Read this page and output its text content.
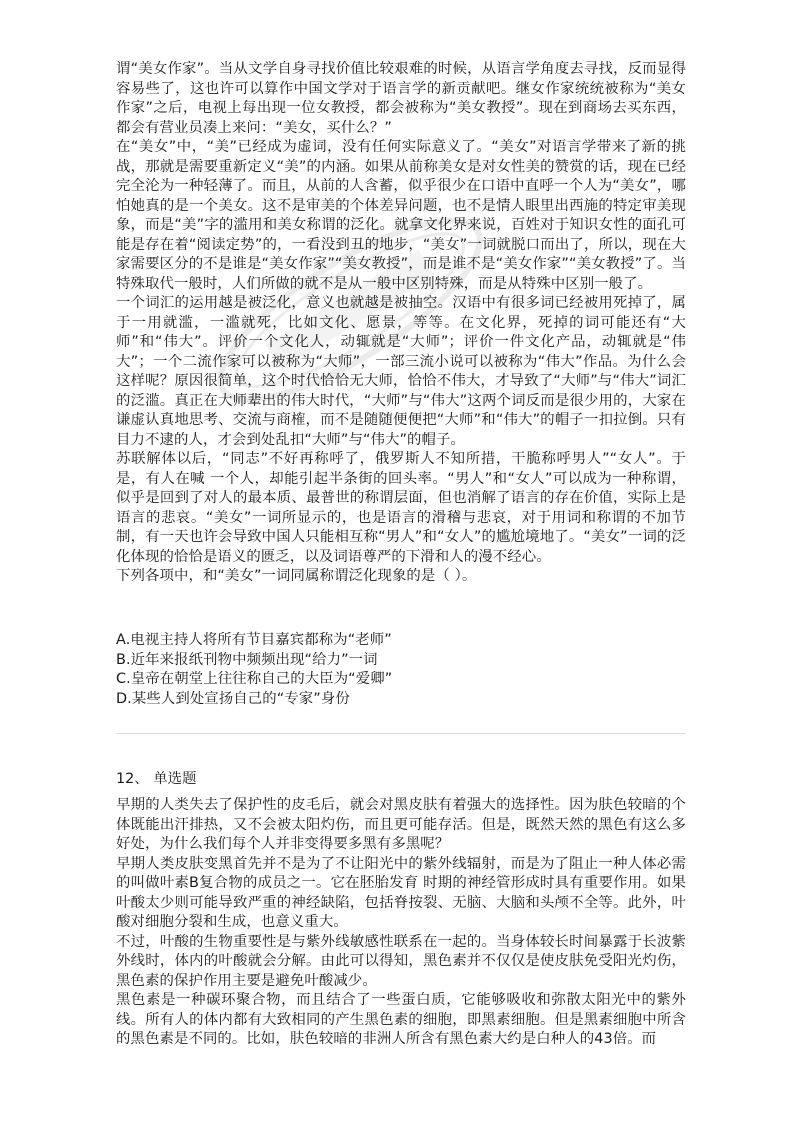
谓“美女作家”。当从文学自身寻找价值比较艰难的时候，从语言学角度去寻找，反而显得容易些了，这也许可以算作中国文学对于语言学的新贡献吧。继女作家统统被称为“美女作家”之后，电视上每出现一位女教授，都会被称为“美女教授”。现在到商场去买东西，都会有营业员凑上来问：“美女，买什么？”

在“美女”中，“美”已经成为虚词，没有任何实际意义了。“美女”对语言学带来了新的挑战，那就是需要重新定义“美”的内涵。如果从前称美女是对女性美的赞赏的话，现在已经完全沦为一种轻薄了。而且，从前的人含蓄，似乎很少在口语中直呼一个人为“美女”，哪怕她真的是一个美女。这不是审美的个体差异问题，也不是情人眼里出西施的特定审美现象，而是“美”字的滥用和美女称谓的泛化。就拿文化界来说，百姓对于知识女性的面孔可能是存在着“阅读定势”的，一看没到丑的地步，“美女”一词就脱口而出了，所以，现在大家需要区分的不是谁是“美女作家”“美女教授”，而是谁不是“美女作家”“美女教授”了。当特殊取代一般时，人们所做的就不是从一般中区别特殊，而是从特殊中区别一般了。

一个词汇的运用越是被泛化，意义也就越是被抽空。汉语中有很多词已经被用死掉了，属于一用就滥，一滥就死，比如文化、愿景，等等。在文化界，死掉的词可能还有“大师”和“伟大”。评价一个文化人，动辄就是“大师”；评价一件文化产品，动辄就是“伟大”；一个二流作家可以被称为“大师”，一部三流小说可以被称为“伟大”作品。为什么会这样呢？原因很简单，这个时代恰恰无大师，恰恰不伟大，才导致了“大师”与“伟大”词汇的泛滥。真正在大师辈出的伟大时代，“大师”与“伟大”这两个词反而是很少用的，大家在谦虚认真地思考、交流与商榷，而不是随随便便把“大师”和“伟大”的帽子一扣拉倒。只有目力不逮的人，才会到处乱扣“大师”与“伟大”的帽子。

苏联解体以后，“同志”不好再称呼了，俄罗斯人不知所措，干脆称呼男人”“女人”。于是，有人在喊 一个人，却能引起半条街的回头率。“男人”和“女人”可以成为一种称谓，似乎是回到了对人的最本质、最普世的称谓层面，但也消解了语言的存在价值，实际上是语言的悲哀。“美女”一词所显示的，也是语言的滑稽与悲哀，对于用词和称谓的不加节制，有一天也许会导致中国人只能相互称“男人”和“女人”的尴尬境地了。“美女”一词的泛化体现的恰恰是语义的匮乏，以及词语尊严的下滑和人的漫不经心。

下列各项中，和“美女”一词同属称谓泛化现象的是（ ）。

A.电视主持人将所有节目嘉宾都称为“老师”

B.近年来报纸刊物中频频出现“给力”一词

C.皇帝在朝堂上往往称自己的大臣为“爱卿”

D.某些人到处宣扬自己的“专家”身份

12、 单选题

早期的人类失去了保护性的皮毛后，就会对黑皮肤有着强大的选择性。因为肤色较暗的个体既能出汗排热，又不会被太阳灼伤，而且更可能存活。但是，既然天然的黑色有这么多好处，为什么我们每个人并非变得要多黑有多黑呢？

早期人类皮肤变黑首先并不是为了不让阳光中的紫外线辐射，而是为了阻止一种人体必需的叫做叶素B复合物的成员之一。它在胚胎发育 时期的神经管形成时具有重要作用。如果叶酸太少则可能导致严重的神经缺陷，包括脊按裂、无脑、大脑和头颅不全等。此外，叶酸对细胞分裂和生成，也意义重大。

不过，叶酸的生物重要性是与紫外线敏感性联系在一起的。当身体较长时间暴露于长波紫外线时，体内的叶酸就会分解。由此可以得知，黑色素并不仅仅是使皮肤免受阳光灼伤，黑色素的保护作用主要是避免叶酸减少。

黑色素是一种碳环聚合物，而且结合了一些蛋白质，它能够吸收和弥散太阳光中的紫外线。所有人的体内都有大致相同的产生黑色素的细胞，即黑素细胞。但是黑素细胞中所含的黑色素是不同的。比如，肤色较暗的非洲人所含有黑色素大约是白种人的43倍。而
